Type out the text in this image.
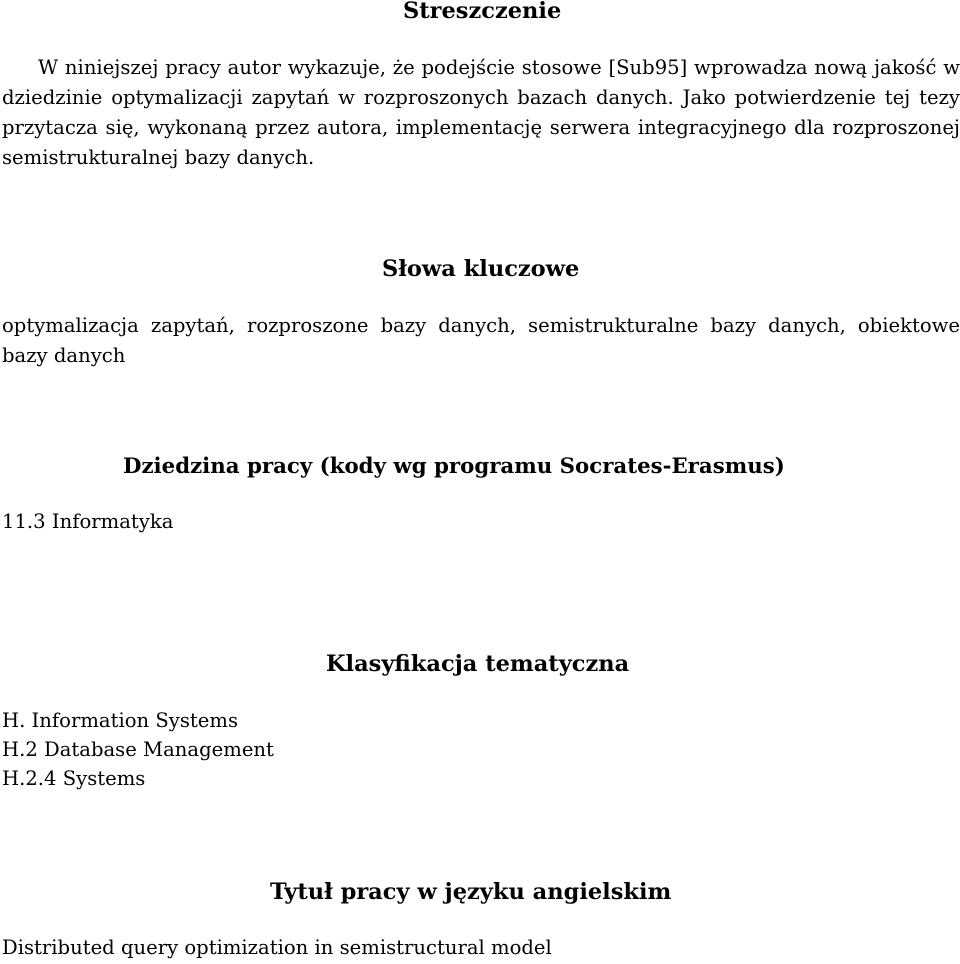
Streszczenie

W niniejszej pracy autor wykazuje, że podejście stosowe [Sub95] wprowadza nową jakość w dziedzinie optymalizacji zapytań w rozproszonych bazach danych. Jako potwierdzenie tej tezy przytacza się, wykonaną przez autora, implementację serwera integracyjnego dla rozproszonej semistrukturalnej bazy danych.

Słowa kluczowe

optymalizacja zapytań, rozproszone bazy danych, semistrukturalne bazy danych, obiektowe bazy danych

Dziedzina pracy (kody wg programu Socrates-Erasmus)

11.3 Informatyka

Klasyfikacja tematyczna

H. Information Systems

H.2 Database Management

H.2.4 Systems

Tytuł pracy w języku angielskim

Distributed query optimization in semistructural model
